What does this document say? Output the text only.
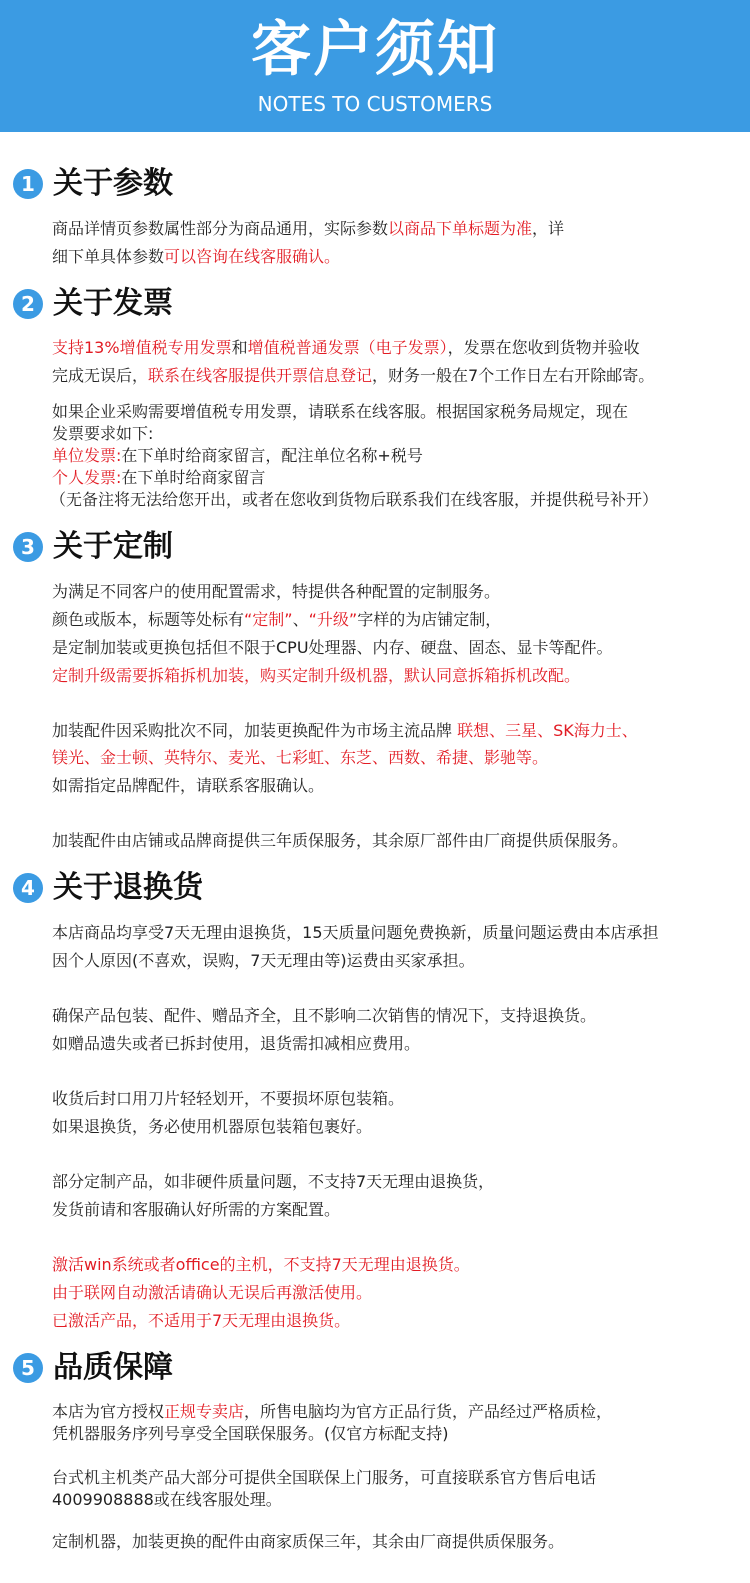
客户须知
NOTES TO CUSTOMERS
1 关于参数
商品详情页参数属性部分为商品通用，实际参数以商品下单标题为准，详
细下单具体参数可以咨询在线客服确认。
2 关于发票
支持13%增值税专用发票和增值税普通发票（电子发票），发票在您收到货物并验收
完成无误后，联系在线客服提供开票信息登记，财务一般在7个工作日左右开除邮寄。
如果企业采购需要增值税专用发票，请联系在线客服。根据国家税务局规定，现在
发票要求如下:
单位发票:在下单时给商家留言，配注单位名称+税号
个人发票:在下单时给商家留言
（无备注将无法给您开出，或者在您收到货物后联系我们在线客服，并提供税号补开）
3 关于定制
为满足不同客户的使用配置需求，特提供各种配置的定制服务。
颜色或版本，标题等处标有“定制”、“升级”字样的为店铺定制，
是定制加装或更换包括但不限于CPU处理器、内存、硬盘、固态、显卡等配件。
定制升级需要拆箱拆机加装，购买定制升级机器，默认同意拆箱拆机改配。
加装配件因采购批次不同，加装更换配件为市场主流品牌 联想、三星、SK海力士、
镁光、金士顿、英特尔、麦光、七彩虹、东芝、西数、希捷、影驰等。
如需指定品牌配件，请联系客服确认。
加装配件由店铺或品牌商提供三年质保服务，其余原厂部件由厂商提供质保服务。
4 关于退换货
本店商品均享受7天无理由退换货，15天质量问题免费换新，质量问题运费由本店承担
因个人原因(不喜欢，误购，7天无理由等)运费由买家承担。
确保产品包装、配件、赠品齐全，且不影响二次销售的情况下，支持退换货。
如赠品遗失或者已拆封使用，退货需扣减相应费用。
收货后封口用刀片轻轻划开，不要损坏原包装箱。
如果退换货，务必使用机器原包装箱包裹好。
部分定制产品，如非硬件质量问题，不支持7天无理由退换货，
发货前请和客服确认好所需的方案配置。
激活win系统或者office的主机，不支持7天无理由退换货。
由于联网自动激活请确认无误后再激活使用。
已激活产品，不适用于7天无理由退换货。
5 品质保障
本店为官方授权正规专卖店，所售电脑均为官方正品行货，产品经过严格质检，
凭机器服务序列号享受全国联保服务。(仅官方标配支持)
台式机主机类产品大部分可提供全国联保上门服务，可直接联系官方售后电话
4009908888或在线客服处理。
定制机器，加装更换的配件由商家质保三年，其余由厂商提供质保服务。
